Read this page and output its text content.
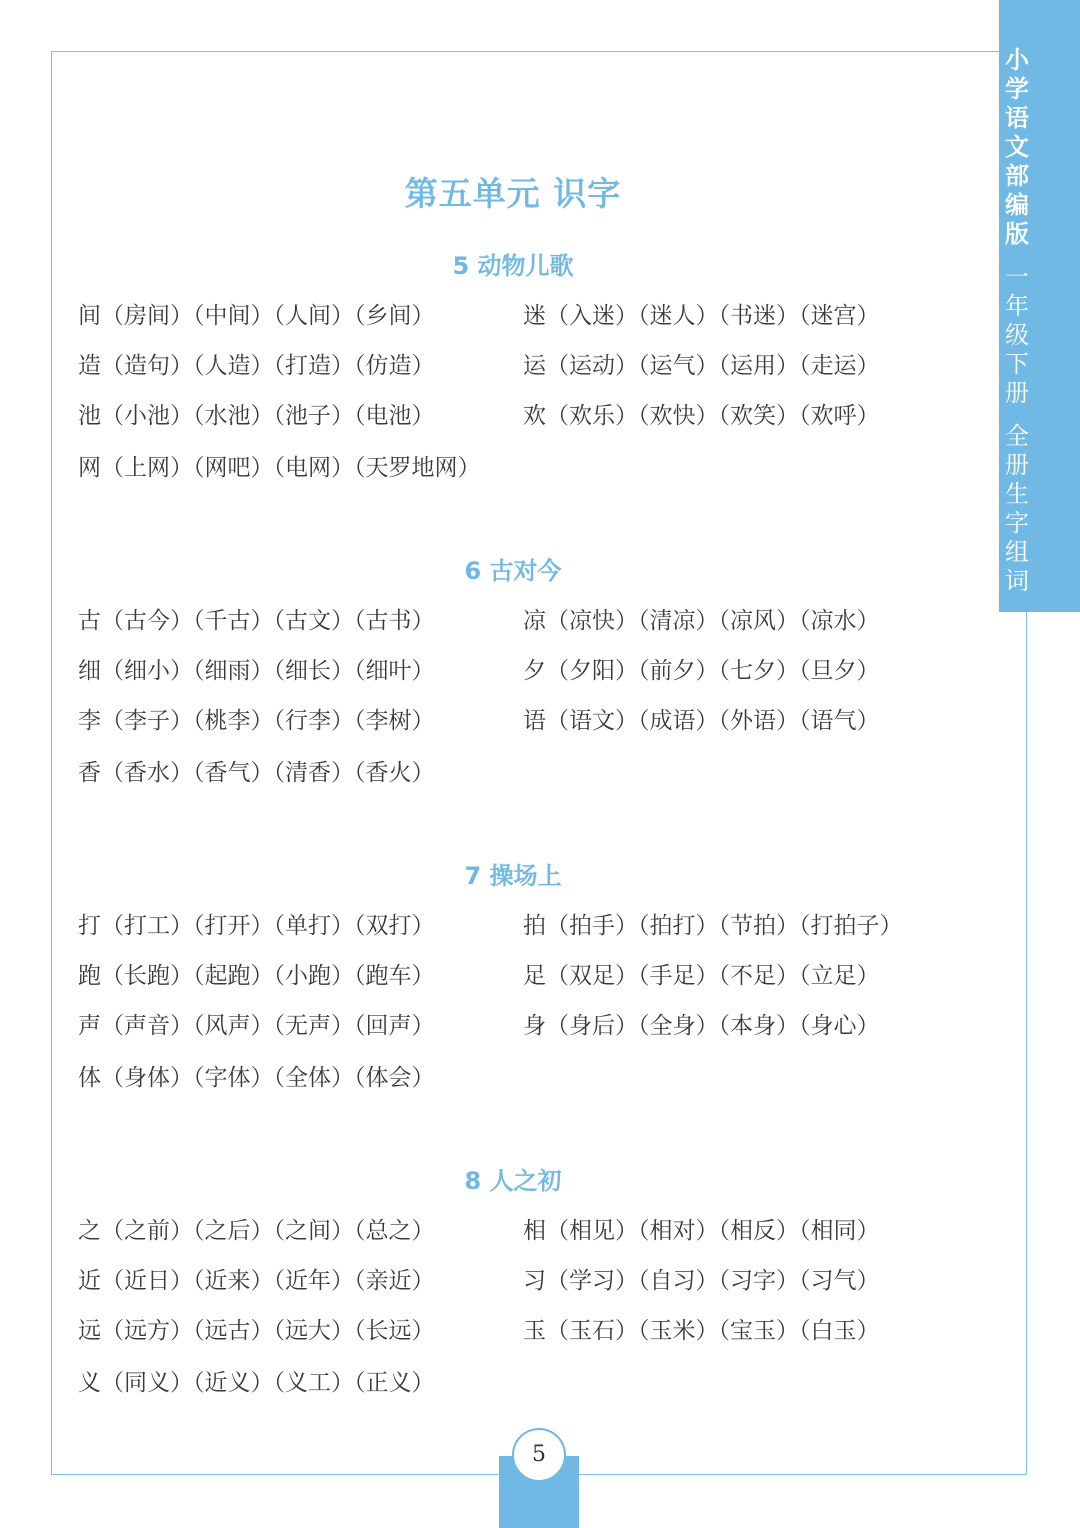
小
学
语
文
部
编
版
一
年
级
下
册
全
册
生
字
组
词
第五单元 识字
5 动物儿歌
间（房间）（中间）（人间）（乡间）	迷（入迷）（迷人）（书迷）（迷宫）
造（造句）（人造）（打造）（仿造）	运（运动）（运气）（运用）（走运）
池（小池）（水池）（池子）（电池）	欢（欢乐）（欢快）（欢笑）（欢呼）
网（上网）（网吧）（电网）（天罗地网）
6 古对今
古（古今）（千古）（古文）（古书）	凉（凉快）（清凉）（凉风）（凉水）
细（细小）（细雨）（细长）（细叶）	夕（夕阳）（前夕）（七夕）（旦夕）
李（李子）（桃李）（行李）（李树）	语（语文）（成语）（外语）（语气）
香（香水）（香气）（清香）（香火）
7 操场上
打（打工）（打开）（单打）（双打）	拍（拍手）（拍打）（节拍）（打拍子）
跑（长跑）（起跑）（小跑）（跑车）	足（双足）（手足）（不足）（立足）
声（声音）（风声）（无声）（回声）	身（身后）（全身）（本身）（身心）
体（身体）（字体）（全体）（体会）
8 人之初
之（之前）（之后）（之间）（总之）	相（相见）（相对）（相反）（相同）
近（近日）（近来）（近年）（亲近）	习（学习）（自习）（习字）（习气）
远（远方）（远古）（远大）（长远）	玉（玉石）（玉米）（宝玉）（白玉）
义（同义）（近义）（义工）（正义）
5
